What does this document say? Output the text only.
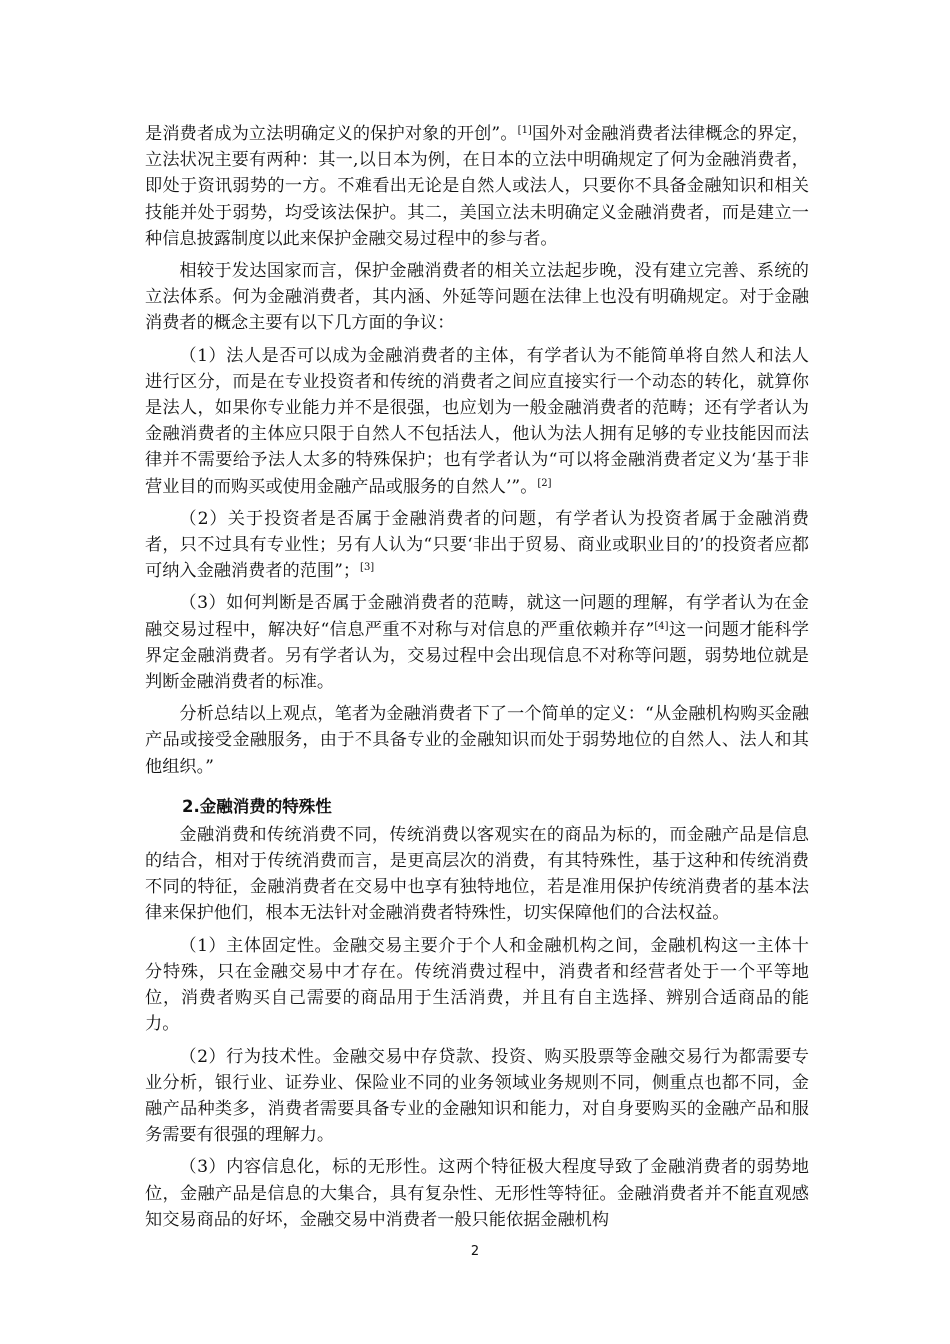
是消费者成为立法明确定义的保护对象的开创”。[1]国外对金融消费者法律概念的界定，立法状况主要有两种：其一,以日本为例，在日本的立法中明确规定了何为金融消费者，即处于资讯弱势的一方。不难看出无论是自然人或法人，只要你不具备金融知识和相关技能并处于弱势，均受该法保护。其二，美国立法未明确定义金融消费者，而是建立一种信息披露制度以此来保护金融交易过程中的参与者。

相较于发达国家而言，保护金融消费者的相关立法起步晚，没有建立完善、系统的立法体系。何为金融消费者，其内涵、外延等问题在法律上也没有明确规定。对于金融消费者的概念主要有以下几方面的争议：

（1）法人是否可以成为金融消费者的主体，有学者认为不能简单将自然人和法人进行区分，而是在专业投资者和传统的消费者之间应直接实行一个动态的转化，就算你是法人，如果你专业能力并不是很强，也应划为一般金融消费者的范畴；还有学者认为金融消费者的主体应只限于自然人不包括法人，他认为法人拥有足够的专业技能因而法律并不需要给予法人太多的特殊保护；也有学者认为“可以将金融消费者定义为‘基于非营业目的而购买或使用金融产品或服务的自然人’”。[2]

（2）关于投资者是否属于金融消费者的问题，有学者认为投资者属于金融消费者，只不过具有专业性；另有人认为“只要‘非出于贸易、商业或职业目的’的投资者应都可纳入金融消费者的范围”；[3]

（3）如何判断是否属于金融消费者的范畴，就这一问题的理解，有学者认为在金融交易过程中，解决好“信息严重不对称与对信息的严重依赖并存”[4]这一问题才能科学界定金融消费者。另有学者认为，交易过程中会出现信息不对称等问题，弱势地位就是判断金融消费者的标准。

分析总结以上观点，笔者为金融消费者下了一个简单的定义：“从金融机构购买金融产品或接受金融服务，由于不具备专业的金融知识而处于弱势地位的自然人、法人和其他组织。”

2.金融消费的特殊性

金融消费和传统消费不同，传统消费以客观实在的商品为标的，而金融产品是信息的结合，相对于传统消费而言，是更高层次的消费，有其特殊性，基于这种和传统消费不同的特征，金融消费者在交易中也享有独特地位，若是准用保护传统消费者的基本法律来保护他们，根本无法针对金融消费者特殊性，切实保障他们的合法权益。

（1）主体固定性。金融交易主要介于个人和金融机构之间，金融机构这一主体十分特殊，只在金融交易中才存在。传统消费过程中，消费者和经营者处于一个平等地位，消费者购买自己需要的商品用于生活消费，并且有自主选择、辨别合适商品的能力。

（2）行为技术性。金融交易中存贷款、投资、购买股票等金融交易行为都需要专业分析，银行业、证券业、保险业不同的业务领域业务规则不同，侧重点也都不同，金融产品种类多，消费者需要具备专业的金融知识和能力，对自身要购买的金融产品和服务需要有很强的理解力。

（3）内容信息化，标的无形性。这两个特征极大程度导致了金融消费者的弱势地位，金融产品是信息的大集合，具有复杂性、无形性等特征。金融消费者并不能直观感知交易商品的好坏，金融交易中消费者一般只能依据金融机构

2
